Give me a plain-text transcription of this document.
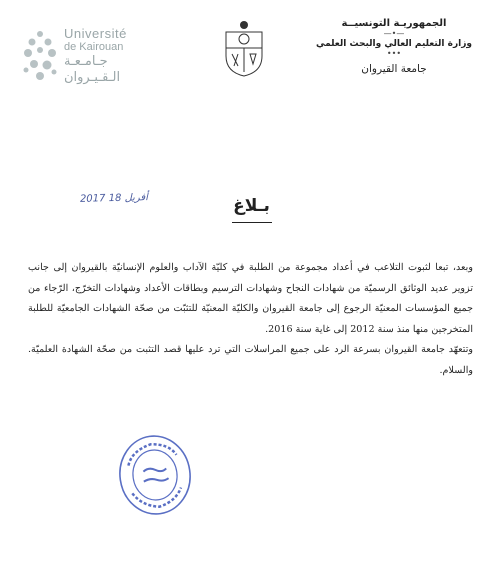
Université
de Kairouan
جـامـعـة
الـقـيـروان
الجمهوريـة التونسيــة
—•—
وزارة التعليم العالي والبحث العلمي
•••
جامعة القيروان
2017 أفريل 18	بـلاغ

وبعد، تبعا لثبوت التلاعب في أعداد مجموعة من الطلبة في كليّة الآداب والعلوم الإنسانيّة بالقيروان إلى جانب تزوير عديد الوثائق الرسميّة من شهادات النجاح وشهادات الترسيم وبطاقات الأعداد وشهادات التخرّج، الرّجاء من جميع المؤسسات المعنيّة الرجوع إلى جامعة القيروان والكليّة المعنيّة للتثبّت من صحّة الشهادات الجامعيّة للطلبة المتخرجين منها منذ سنة 2012 إلى غاية سنة 2016.

وتتعهّد جامعة القيروان بسرعة الرد على جميع المراسلات التي ترد عليها قصد التثبت من صحّة الشهادة العلميّة. والسلام.
